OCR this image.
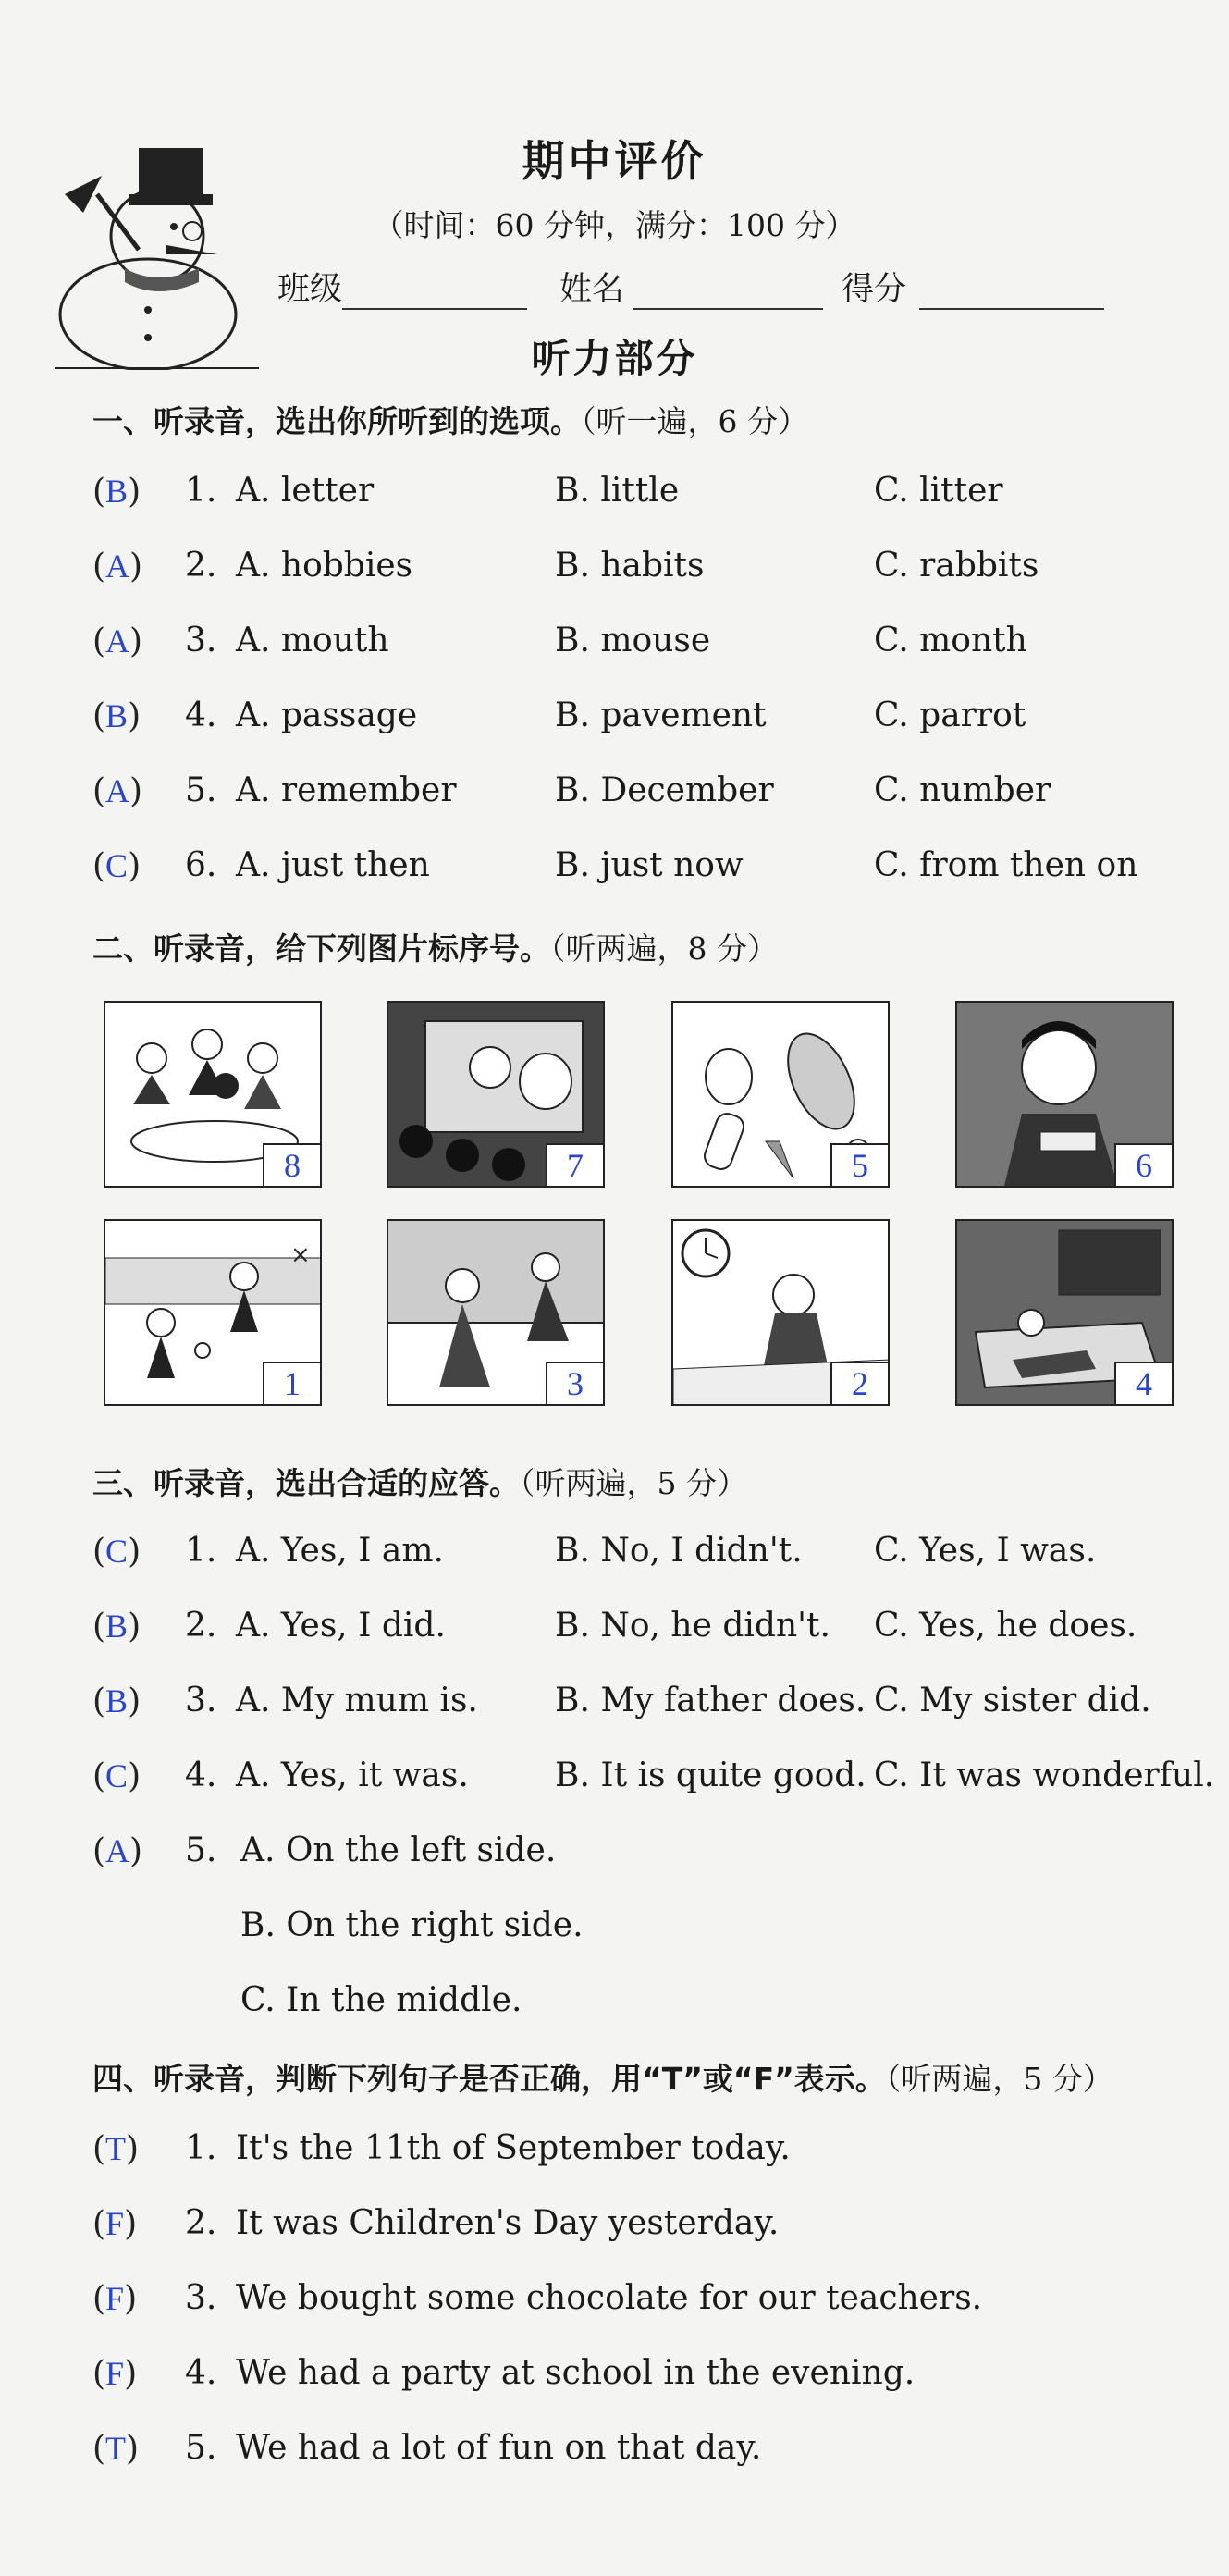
期中评价
（时间：60 分钟，满分：100 分）
班级	姓名	得分
听力部分
一、听录音，选出你所听到的选项。（听一遍，6 分）
(B)	1. A. letter	B. little	C. litter
(A)	2. A. hobbies	B. habits	C. rabbits
(A)	3. A. mouth	B. mouse	C. month
(B)	4. A. passage	B. pavement	C. parrot
(A)	5. A. remember	B. December	C. number
(C)	6. A. just then	B. just now	C. from then on
二、听录音，给下列图片标序号。（听两遍，8 分）
8	7	5	6
×
1	3	2	4
三、听录音，选出合适的应答。（听两遍，5 分）
(C)	1. A. Yes, I am.	B. No, I didn't. C. Yes, I was.
(B)	2. A. Yes, I did.	B. No, he didn't. C. Yes, he does.
(B)	3. A. My mum is. B. My father does. C. My sister did.
(C)	4. A. Yes, it was.	B. It is quite good. C. It was wonderful.
(A)	5. A. On the left side.
B. On the right side.
C. In the middle.
四、听录音，判断下列句子是否正确，用“T”或“F”表示。（听两遍，5 分）
(T)	1. It's the 11th of September today.
(F)	2. It was Children's Day yesterday.
(F)	3. We bought some chocolate for our teachers.
(F)	4. We had a party at school in the evening.
(T)	5. We had a lot of fun on that day.
